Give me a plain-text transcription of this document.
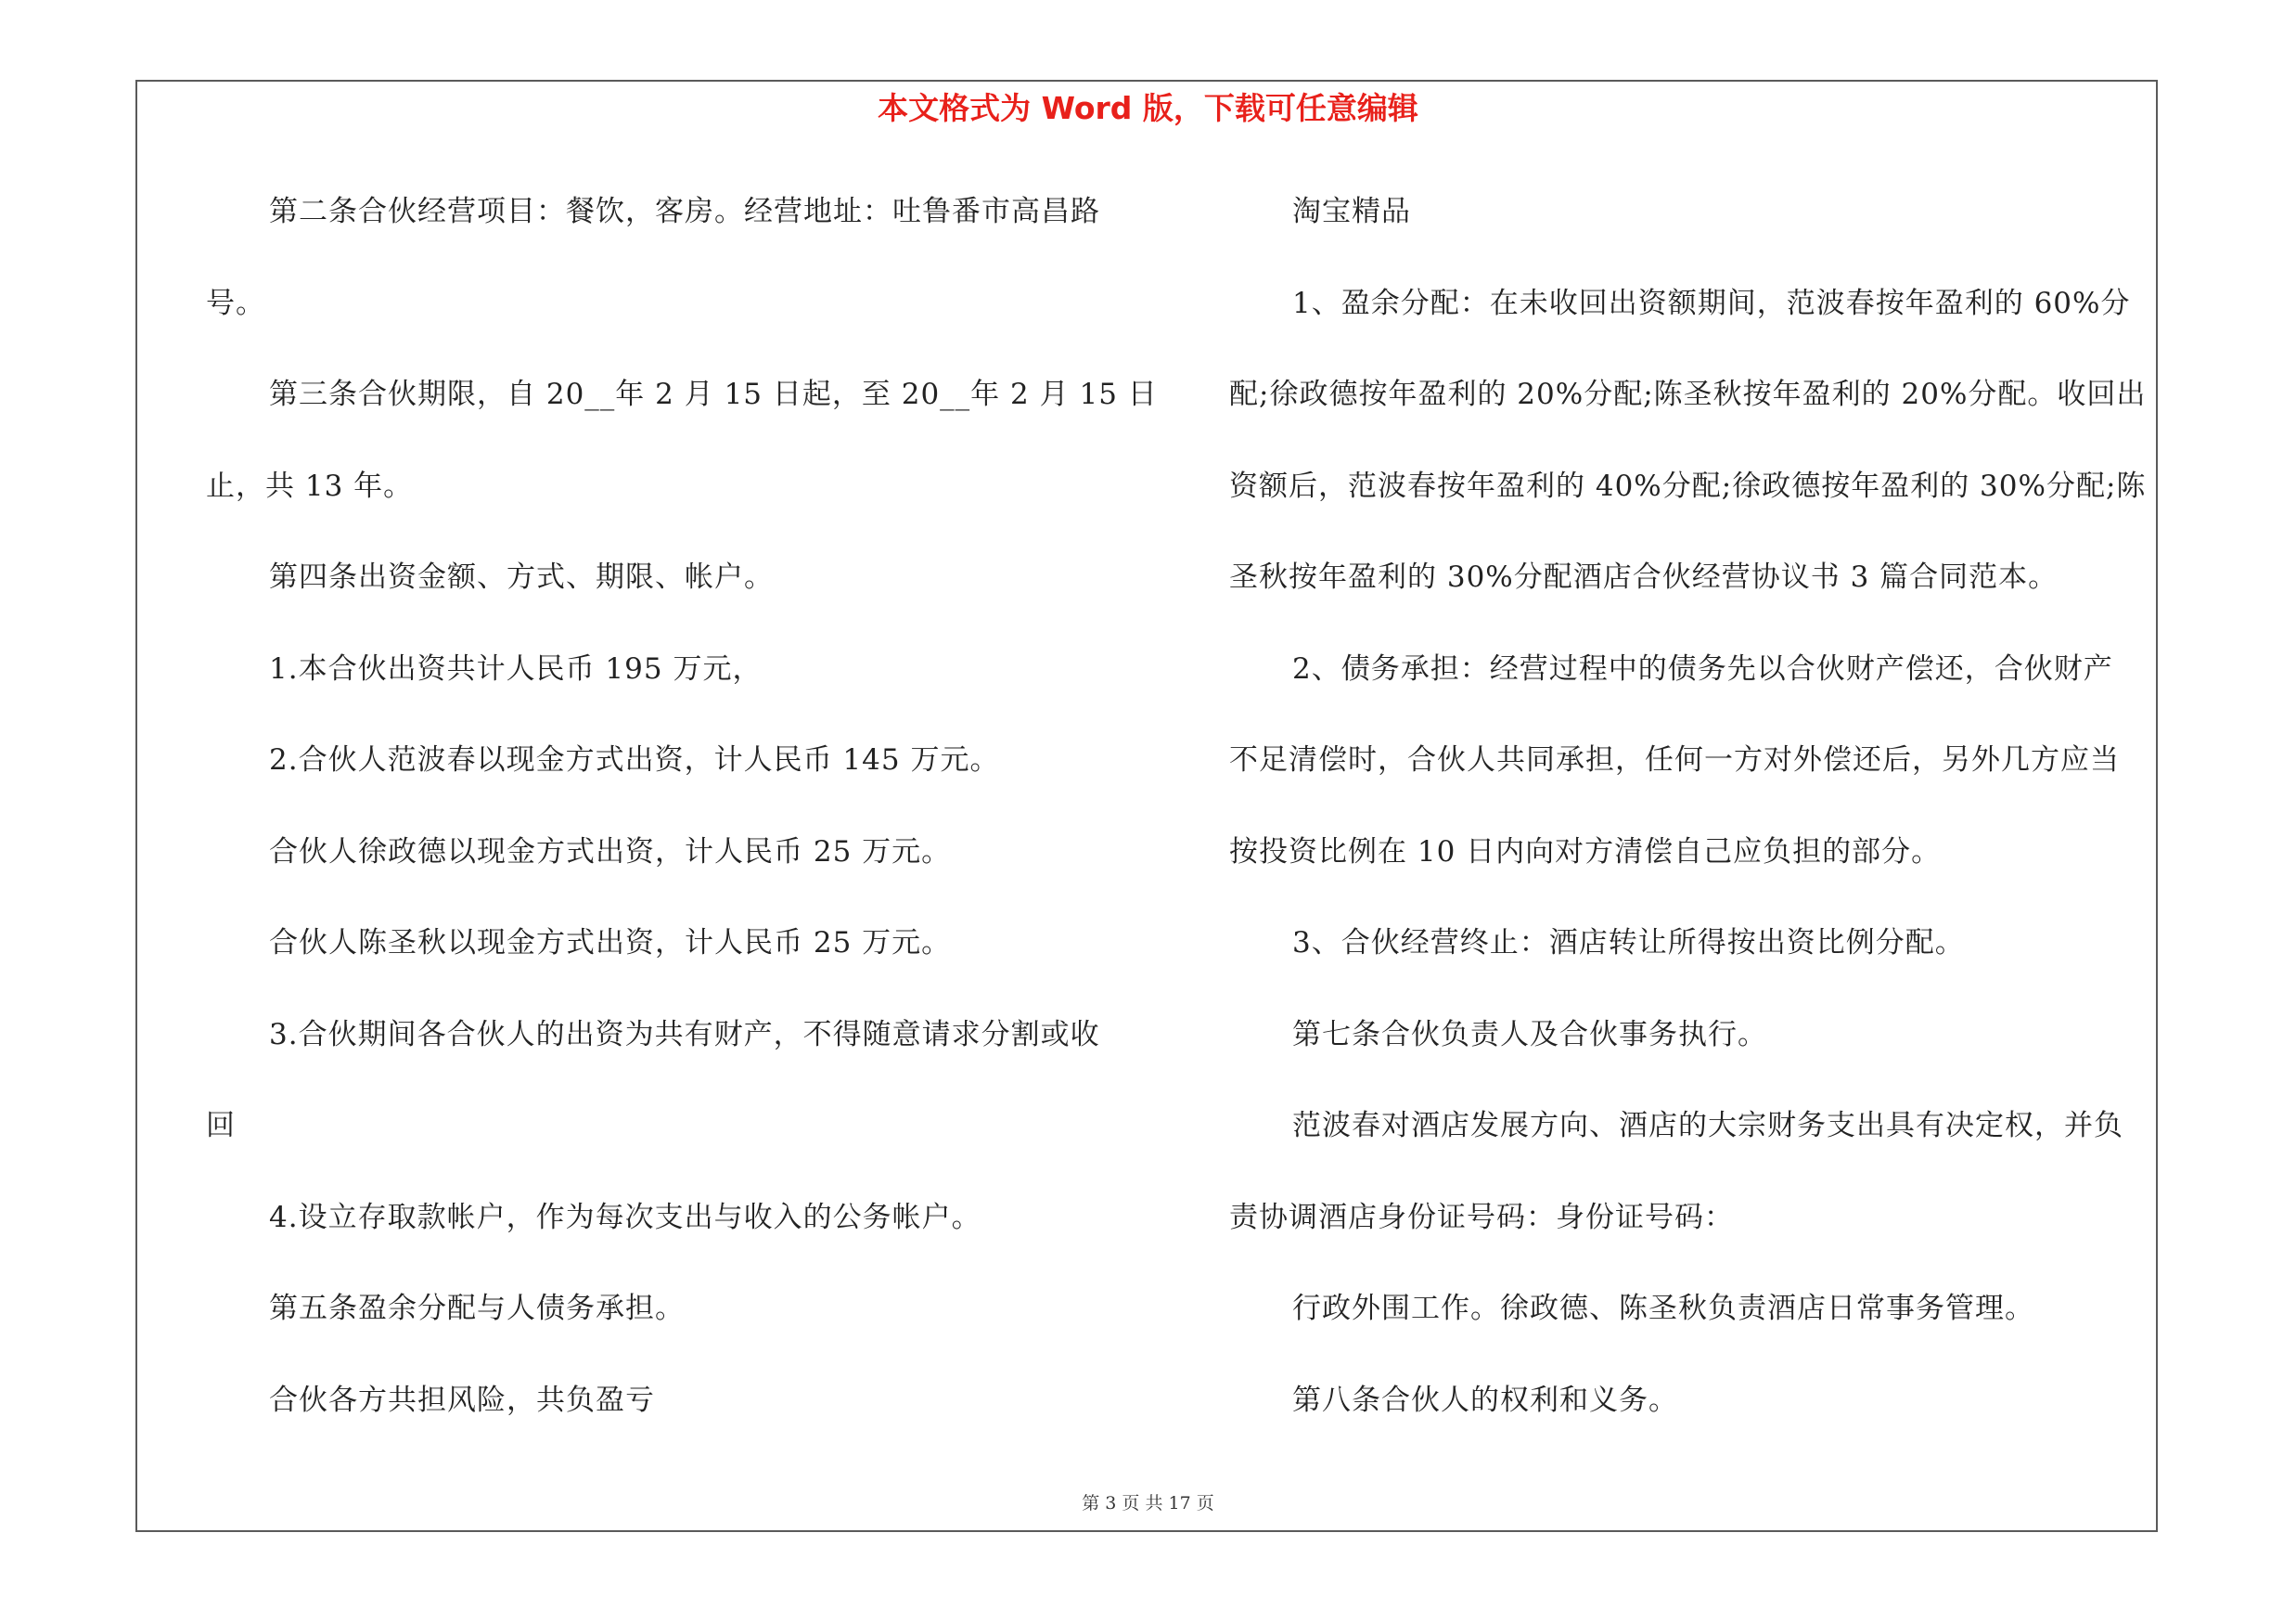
本文格式为 Word 版，下载可任意编辑
第二条合伙经营项目：餐饮，客房。经营地址：吐鲁番市高昌路
号。
第三条合伙期限，自 20__年 2 月 15 日起，至 20__年 2 月 15 日
止，共 13 年。
第四条出资金额、方式、期限、帐户。
1.本合伙出资共计人民币 195 万元，
2.合伙人范波春以现金方式出资，计人民币 145 万元。
合伙人徐政德以现金方式出资，计人民币 25 万元。
合伙人陈圣秋以现金方式出资，计人民币 25 万元。
3.合伙期间各合伙人的出资为共有财产，不得随意请求分割或收
回
4.设立存取款帐户，作为每次支出与收入的公务帐户。
第五条盈余分配与人债务承担。
合伙各方共担风险，共负盈亏
淘宝精品
1、盈余分配：在未收回出资额期间，范波春按年盈利的 60%分
配;徐政德按年盈利的 20%分配;陈圣秋按年盈利的 20%分配。收回出
资额后，范波春按年盈利的 40%分配;徐政德按年盈利的 30%分配;陈
圣秋按年盈利的 30%分配酒店合伙经营协议书 3 篇合同范本。
2、债务承担：经营过程中的债务先以合伙财产偿还，合伙财产
不足清偿时，合伙人共同承担，任何一方对外偿还后，另外几方应当
按投资比例在 10 日内向对方清偿自己应负担的部分。
3、合伙经营终止：酒店转让所得按出资比例分配。
第七条合伙负责人及合伙事务执行。
范波春对酒店发展方向、酒店的大宗财务支出具有决定权，并负
责协调酒店身份证号码：身份证号码：
行政外围工作。徐政德、陈圣秋负责酒店日常事务管理。
第八条合伙人的权利和义务。
第 3 页 共 17 页
